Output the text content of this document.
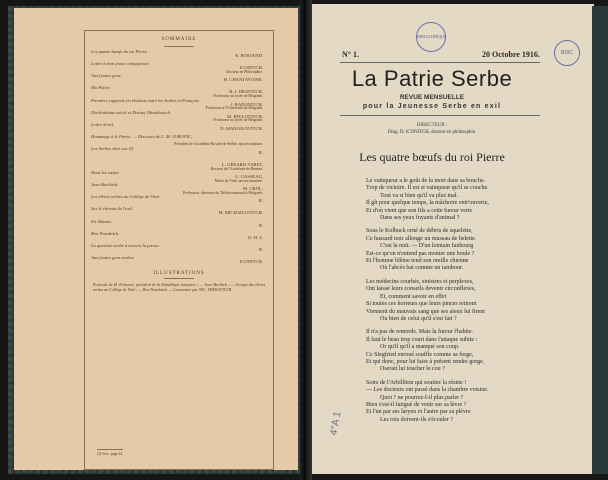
SOMMAIRE
Les quatre bœufs du roi Pierre.
E. ROSTAND.
Lettre à mon jeune compatriote.
ICONITCH,
Docteur en Philosophie.
Aux jeunes gens.
H. CHANTAVOINE.
Ma Patrie.
R. J. DRAVITCH,
Professeur au lycée de Belgrade.
Premiers rapports et relations entre les Serbes et Français.
J. RADONITCH,
Professeur à l'Université de Belgrade.
Dix-huitième siècle et Dositej Obradovitch.
M. PAVLOVITCH,
Professeur au lycée de Belgrade.
Lettre d'exil.
D. MANOJLOVITCH.
Hommage à le Patrie. — Discours de L. M. JUROVIC,
Président de l'académie Royale de Serbie, ancien ministre.
Les Serbes chez eux (I)
B.
L. GÉRARD-VARET,
Recteur de l'Académie de Rennes.
Haut les cœurs.
G. GASSEAU,
Maire de Vitré, ancien ministre.
Jean Skerlitch.
M. GRÖL,
Professeur, directeur du Théâtre national à Belgrade.
Les élèves serbes au Collège de Vitré.
B.
Sur le chemin de l'exil.
M. MICHAILOVITCH.
En Albanie.
B.
Bon Noushitch.
D. H. S.
La question serbe à travers la presse.
B.
Aux jeunes gens serbes.
ICONITCH.
ILLUSTRATIONS
Portraits de M. Poincaré, président de la République française ; — Jean Skerlitch ; — Groupe des élèves serbes au Collège de Vitré ; — Bon Noushitch. — Couverture par NIC. VERSOVITCH.
(1) Voir ; page 24.
BIBLIOTHÈQUE
BDIC
N° 1.	20 Octobre 1916.
La Patrie Serbe
REVUE MENSUELLE
pour la Jeunesse Serbe en exil
DIRECTEUR :
Drag. D. ICONITCH, docteur en philosophie.
Les quatre bœufs du roi Pierre
Le vainqueur a le goût de la mort dans sa bouche.
Trop de victoire. Il est si vainqueur qu'il se couche.
Tout va si bien qu'il va plus mal.
Il gît pour quelque temps, la mâchoire entr'ouverte,
Et d'où vient que son fils a cette fureur verte
Dans ses yeux fuyants d'animal ?
Sous le Kolbuck orné de débris de squelette,
Ce hussard noir allonge un museau de belette.
C'est la nuit. — D'un lointain faubourg
Est-ce qu'on n'entend pas monter une houle ?
Et l'homme blême tend son oreille chienne
Où l'abcès bat comme un tambour.
Les médecins courbés, sinistres et perplexes,
Ont laissé leurs conseils devenir circonflexes,
Et, comment savoir en effet
Si toutes ces horreurs que leurs pinces retirent
Viennent du mauvais sang que ses aïeux lui firent
Ou bien de celui qu'il s'est fait ?
Il n'a pas de remords. Mais la fureur l'habite.
Il faut le beau trop court dans l'attaque subite :
Or qu'il qu'il a manqué son coup.
Ce Siegfried enroué souffle comme sa forge,
Et qui donc, pour lui faire à présent rendre gorge,
Oserait lui toucher le cou ?
Soirs de l'Arbilliton qui soutiez la résine !
— Les docteurs ont passé dans la chambre voisine.
Quoi ? ne pourrez-l-il plus parler ?
Bien s'est-il fatigué de venir sur sa lèvre ?
Et l'un par ses larynx et l'autre par sa plèvre
Les rois doivent-ils s'écouler ?
4°A 1
